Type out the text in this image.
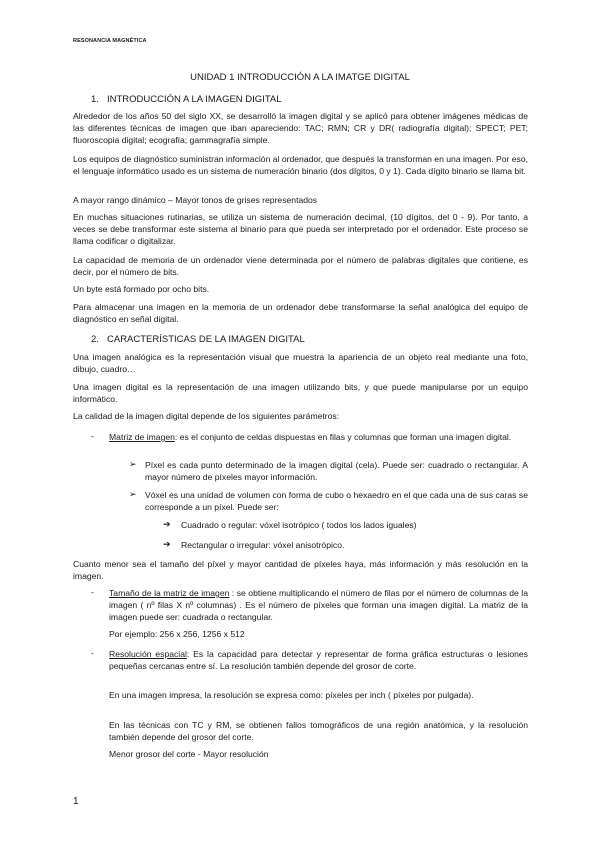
RESONANCIA MAGNÉTICA
UNIDAD 1 INTRODUCCIÓN A LA IMATGE DIGITAL
1. INTRODUCCIÓN A LA IMAGEN DIGITAL
Alrededor de los años 50 del siglo XX, se desarrolló la imagen digital y se aplicó para obtener imágenes médicas de las diferentes técnicas de imagen que iban apareciendo: TAC; RMN; CR y DR( radiografía digital); SPECT; PET; fluoroscopia digital; ecografía; gammagrafía simple.
Los equipos de diagnóstico suministran información al ordenador, que después la transforman en una imagen. Por eso, el lenguaje informático usado es un sistema de numeración binario (dos dígitos, 0 y 1). Cada dígito binario se llama bit.
A mayor rango dinámico – Mayor tonos de grises representados
En muchas situaciones rutinarias, se utiliza un sistema de numeración decimal, (10 dígitos, del 0 - 9). Por tanto, a veces se debe transformar este sistema al binario para que pueda ser interpretado por el ordenador. Este proceso se llama codificar o digitalizar.
La capacidad de memoria de un ordenador viene determinada por el número de palabras digitales que contiene, es decir, por el número de bits.
Un byte está formado por ocho bits.
Para almacenar una imagen en la memoria de un ordenador debe transformarse la señal analógica del equipo de diagnóstico en señal digital.
2. CARACTERÍSTICAS DE LA IMAGEN DIGITAL
Una imagen analógica es la representación visual que muestra la apariencia de un objeto real mediante una foto, dibujo, cuadro…
Una imagen digital es la representación de una imagen utilizando bits, y que puede manipularse por un equipo informático.
La calidad de la imagen digital depende de los siguientes parámetros:
- Matriz de imagen: es el conjunto de celdas dispuestas en filas y columnas que forman una imagen digital.
➢ Píxel es cada punto determinado de la imagen digital (cela). Puede ser: cuadrado o rectangular. A mayor número de píxeles mayor información.
➢ Vóxel es una unidad de volumen con forma de cubo o hexaedro en el que cada una de sus caras se corresponde a un píxel. Puede ser:
➔ Cuadrado o regular: vóxel isotrópico ( todos los lados iguales)
➔ Rectangular o irregular: vóxel anisotrópico.
Cuanto menor sea el tamaño del píxel y mayor cantidad de píxeles haya, más información y más resolución en la imagen.
- Tamaño de la matriz de imagen : se obtiene multiplicando el número de filas por el número de columnas de la imagen ( nº filas X nº columnas) . Es el número de píxeles que forman una imagen digital. La matriz de la imagen puede ser: cuadrada o rectangular.
Por ejemplo: 256 x 256, 1256 x 512
- Resolución espacial: Es la capacidad para detectar y representar de forma gráfica estructuras o lesiones pequeñas cercanas entre sí. La resolución también depende del grosor de corte.
En una imagen impresa, la resolución se expresa como: píxeles per inch ( píxeles por pulgada).
En las técnicas con TC y RM, se obtienen fallos tomográficos de una región anatómica, y la resolución también depende del grosor del corte.
Menor grosor del corte - Mayor resolución
1
